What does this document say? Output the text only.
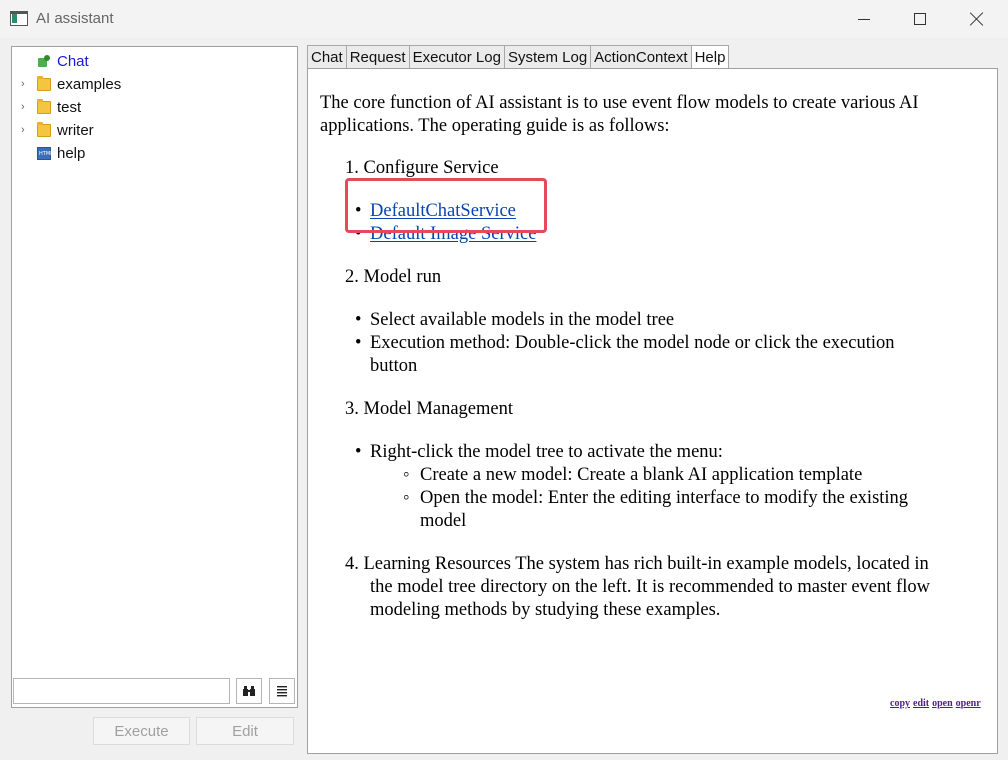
AI assistant
Chat
› examples
› test
› writer
HTML
help
Execute	Edit
Chat Request Executor Log System Log ActionContext Help
The core function of AI assistant is to use event flow models to create various AI
applications. The operating guide is as follows:
1. Configure Service
• DefaultChatService
• Default Image Service
2. Model run
• Select available models in the model tree
• Execution method: Double-click the model node or click the execution
button
3. Model Management
• Right-click the model tree to activate the menu:
◦ Create a new model: Create a blank AI application template
◦ Open the model: Enter the editing interface to modify the existing
model
4. Learning Resources The system has rich built-in example models, located in
the model tree directory on the left. It is recommended to master event flow
modeling methods by studying these examples.
copy edit open openr
